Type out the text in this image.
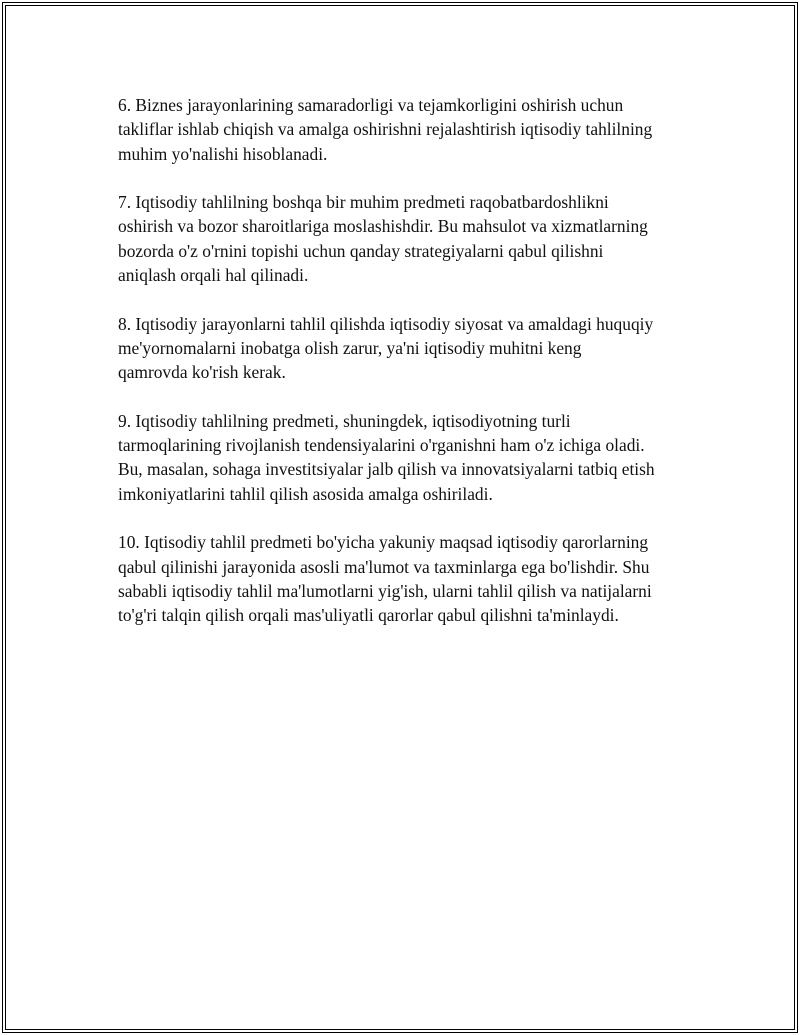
6. Biznes jarayonlarining samaradorligi va tejamkorligini oshirish uchun
takliflar ishlab chiqish va amalga oshirishni rejalashtirish iqtisodiy tahlilning
muhim yo'nalishi hisoblanadi.

7. Iqtisodiy tahlilning boshqa bir muhim predmeti raqobatbardoshlikni
oshirish va bozor sharoitlariga moslashishdir. Bu mahsulot va xizmatlarning
bozorda o'z o'rnini topishi uchun qanday strategiyalarni qabul qilishni
aniqlash orqali hal qilinadi.

8. Iqtisodiy jarayonlarni tahlil qilishda iqtisodiy siyosat va amaldagi huquqiy
me'yornomalarni inobatga olish zarur, ya'ni iqtisodiy muhitni keng
qamrovda ko'rish kerak.

9. Iqtisodiy tahlilning predmeti, shuningdek, iqtisodiyotning turli
tarmoqlarining rivojlanish tendensiyalarini o'rganishni ham o'z ichiga oladi.
Bu, masalan, sohaga investitsiyalar jalb qilish va innovatsiyalarni tatbiq etish
imkoniyatlarini tahlil qilish asosida amalga oshiriladi.

10. Iqtisodiy tahlil predmeti bo'yicha yakuniy maqsad iqtisodiy qarorlarning
qabul qilinishi jarayonida asosli ma'lumot va taxminlarga ega bo'lishdir. Shu
sababli iqtisodiy tahlil ma'lumotlarni yig'ish, ularni tahlil qilish va natijalarni
to'g'ri talqin qilish orqali mas'uliyatli qarorlar qabul qilishni ta'minlaydi.
